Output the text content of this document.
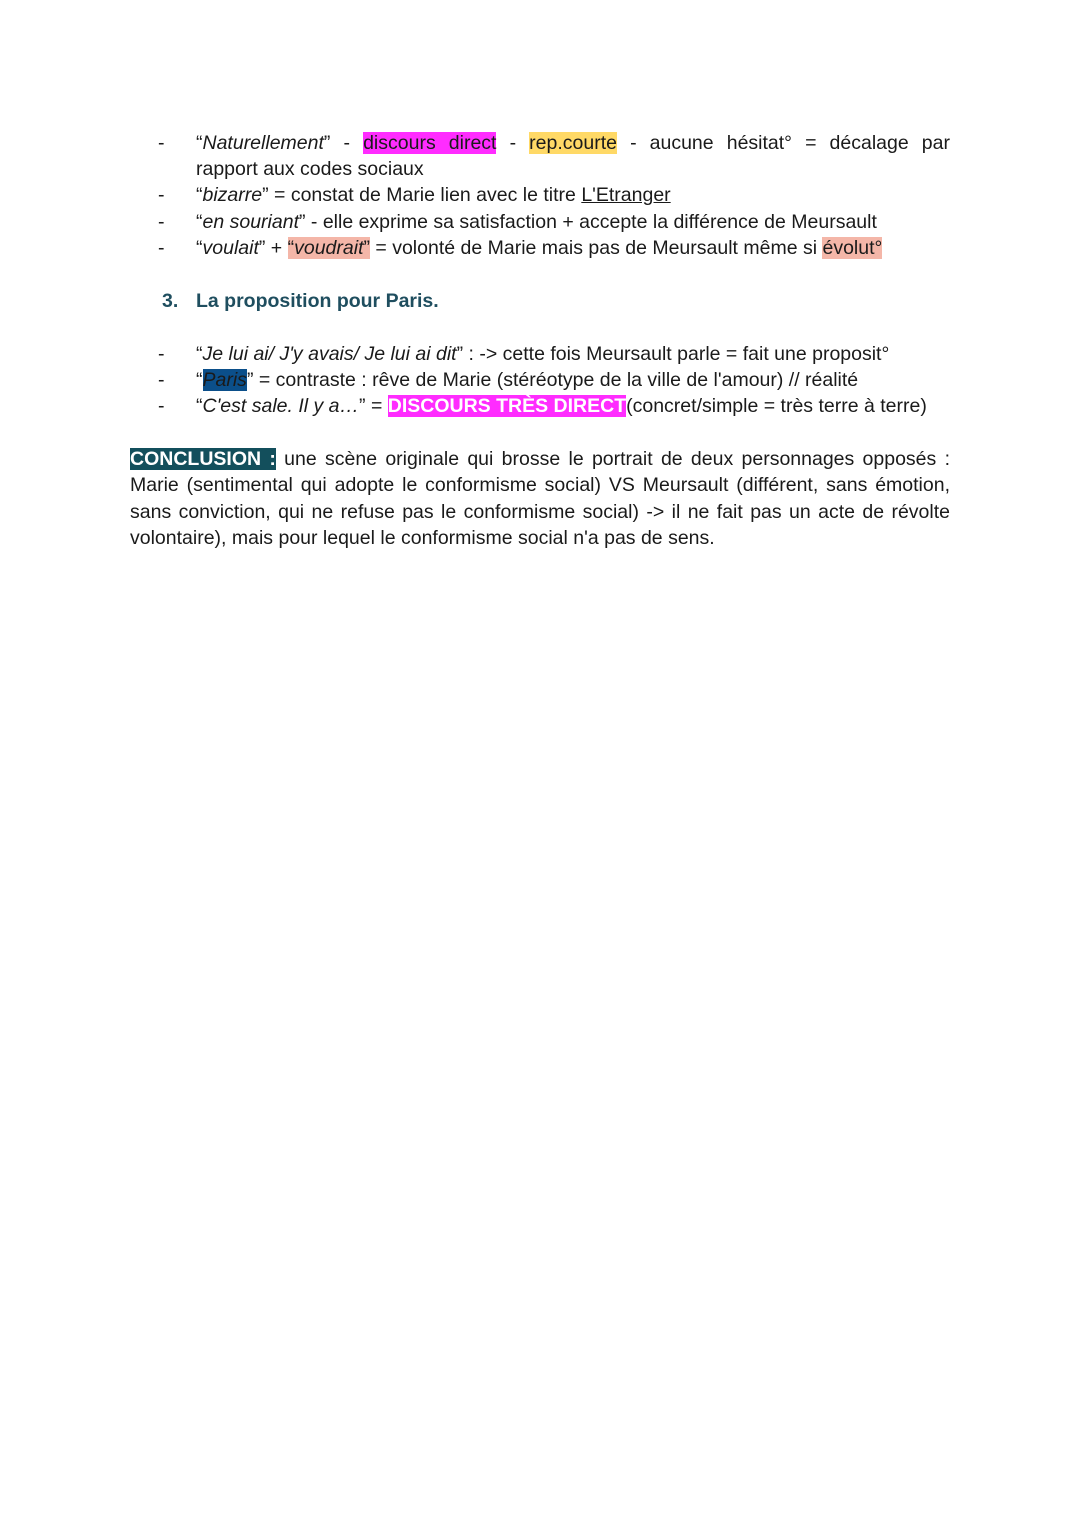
- “Naturellement” - discours direct - rep.courte - aucune hésitat° = décalage par
rapport aux codes sociaux
- “bizarre” = constat de Marie lien avec le titre L'Etranger
- “en souriant” - elle exprime sa satisfaction + accepte la différence de Meursault
- “voulait” + “voudrait” = volonté de Marie mais pas de Meursault même si évolut°
3. La proposition pour Paris.
- “Je lui ai/ J'y avais/ Je lui ai dit” : -> cette fois Meursault parle = fait une proposit°
- “Paris” = contraste : rêve de Marie (stéréotype de la ville de l'amour) // réalité
- “C'est sale. Il y a…” = DISCOURS TRÈS DIRECT(concret/simple = très terre à terre)
CONCLUSION : une scène originale qui brosse le portrait de deux personnages opposés : Marie (sentimental qui adopte le conformisme social) VS Meursault (différent, sans émotion, sans conviction, qui ne refuse pas le conformisme social) -> il ne fait pas un acte de révolte volontaire), mais pour lequel le conformisme social n'a pas de sens.
